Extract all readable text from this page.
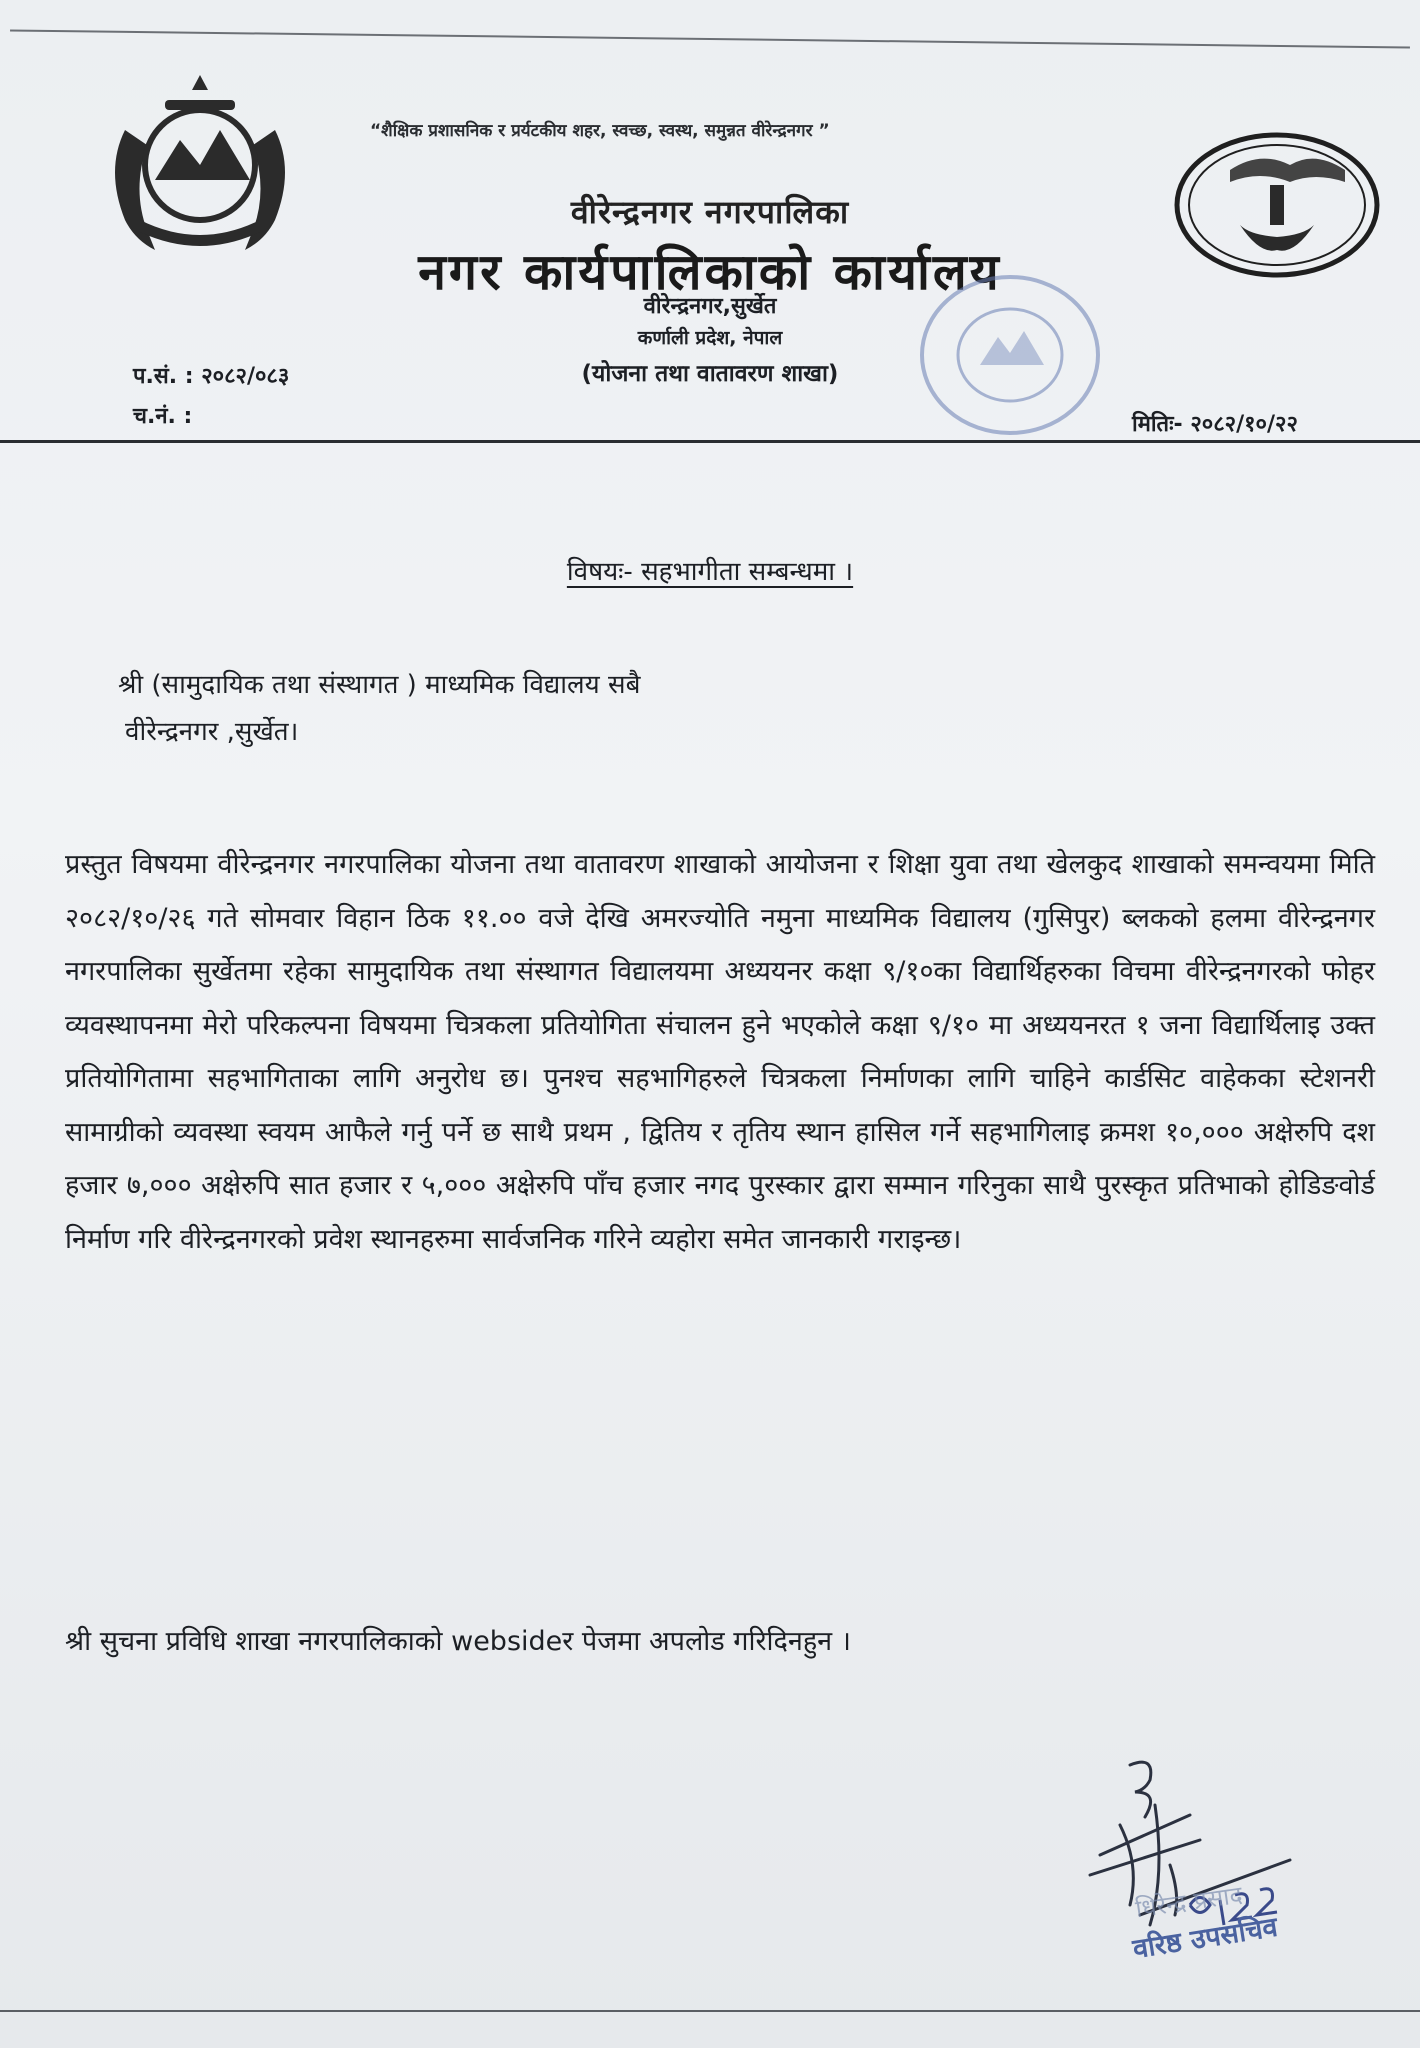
“शैक्षिक प्रशासनिक र प्रर्यटकीय शहर, स्वच्छ, स्वस्थ, समुन्नत वीरेन्द्रनगर ”
वीरेन्द्रनगर नगरपालिका
नगर कार्यपालिकाको कार्यालय
वीरेन्द्रनगर,सुर्खेत
कर्णाली प्रदेश, नेपाल
(योजना तथा वातावरण शाखा)
प.सं. : २०८२/०८३
च.नं. :	मितिः- २०८२/१०/२२
विषयः- सहभागीता सम्बन्धमा ।
श्री (सामुदायिक तथा संस्थागत ) माध्यमिक विद्यालय सबै
वीरेन्द्रनगर ,सुर्खेत।
प्रस्तुत विषयमा वीरेन्द्रनगर नगरपालिका योजना तथा वातावरण शाखाको आयोजना र शिक्षा युवा तथा खेलकुद शाखाको समन्वयमा मिति २०८२/१०/२६ गते सोमवार विहान ठिक ११.०० वजे देखि अमरज्योति नमुना माध्यमिक विद्यालय (गुसिपुर) ब्लकको हलमा वीरेन्द्रनगर नगरपालिका सुर्खेतमा रहेका सामुदायिक तथा संस्थागत विद्यालयमा अध्ययनर कक्षा ९/१०का विद्यार्थिहरुका विचमा वीरेन्द्रनगरको फोहर व्यवस्थापनमा मेरो परिकल्पना विषयमा चित्रकला प्रतियोगिता संचालन हुने भएकोले कक्षा ९/१० मा अध्ययनरत १ जना विद्यार्थिलाइ उक्त प्रतियोगितामा सहभागिताका लागि अनुरोध छ। पुनश्च सहभागिहरुले चित्रकला निर्माणका लागि चाहिने कार्डसिट वाहेकका स्टेशनरी सामाग्रीको व्यवस्था स्वयम आफैले गर्नु पर्ने छ साथै प्रथम , द्वितिय र तृतिय स्थान हासिल गर्ने सहभागिलाइ क्रमश १०,००० अक्षेरुपि दश हजार ७,००० अक्षेरुपि सात हजार र ५,००० अक्षेरुपि पाँच हजार नगद पुरस्कार द्वारा सम्मान गरिनुका साथै पुरस्कृत प्रतिभाको होडिङवोर्ड निर्माण गरि वीरेन्द्रनगरको प्रवेश स्थानहरुमा सार्वजनिक गरिने व्यहोरा समेत जानकारी गराइन्छ।
श्री सुचना प्रविधि शाखा नगरपालिकाको websideर पेजमा अपलोड गरिदिनहुन ।
धिरेन्द्र प्रसाद
वरिष्ठ उपसचिव
